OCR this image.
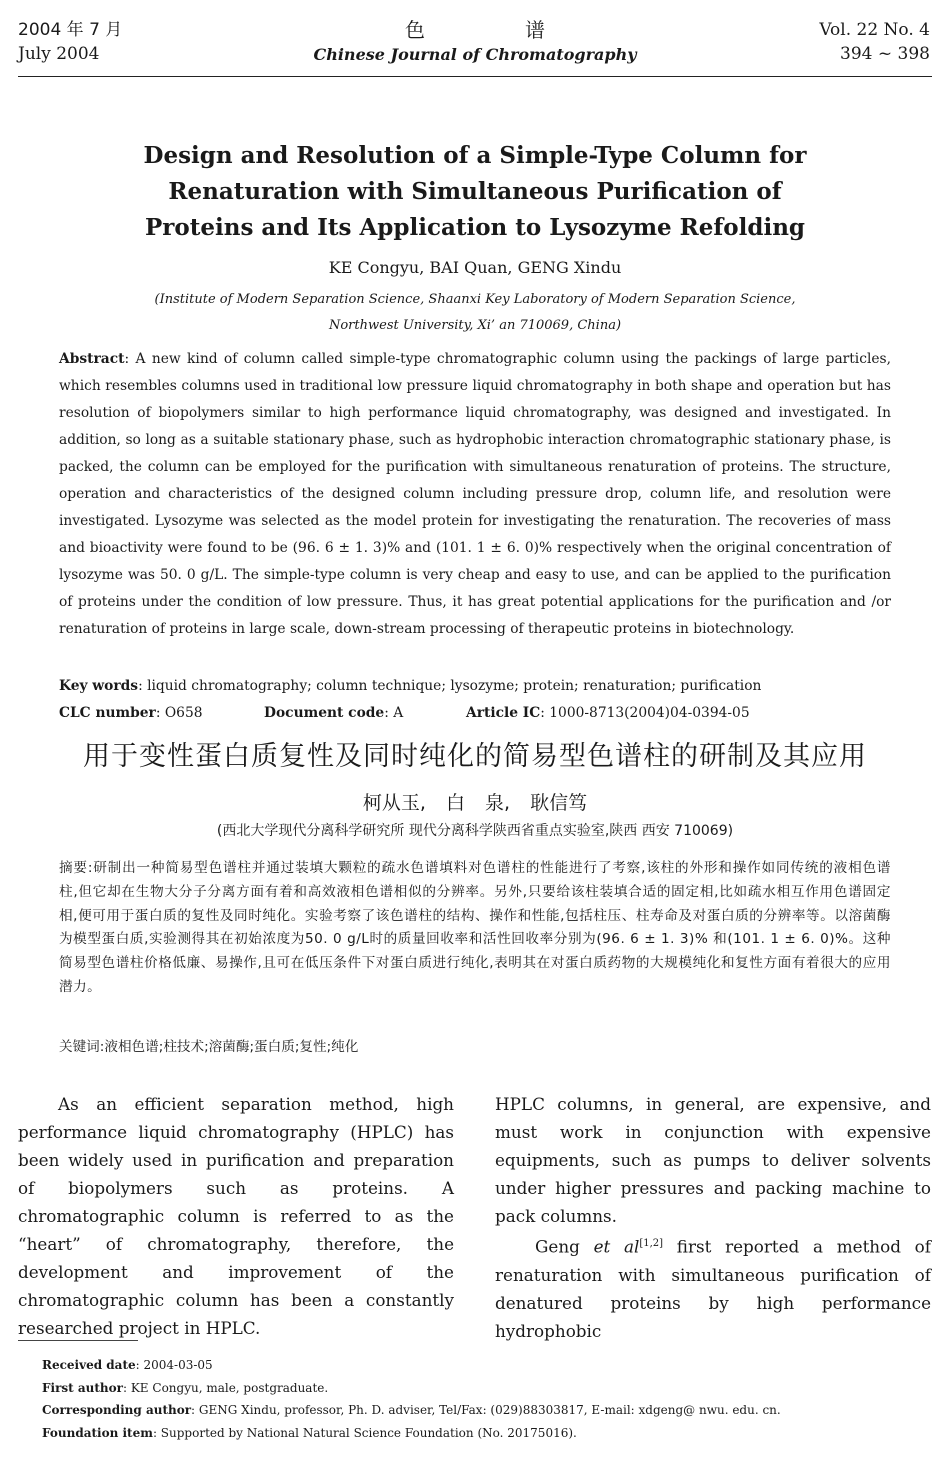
2004 年 7 月
July 2004
色谱
Chinese Journal of Chromatography
Vol. 22 No. 4
394 ~ 398
Design and Resolution of a Simple-Type Column for
Renaturation with Simultaneous Purification of
Proteins and Its Application to Lysozyme Refolding
KE Congyu, BAI Quan, GENG Xindu
(Institute of Modern Separation Science, Shaanxi Key Laboratory of Modern Separation Science,
Northwest University, Xi’ an 710069, China)
Abstract: A new kind of column called simple-type chromatographic column using the packings of large particles, which resembles columns used in traditional low pressure liquid chromatography in both shape and operation but has resolution of biopolymers similar to high performance liquid chromatography, was designed and investigated. In addition, so long as a suitable stationary phase, such as hydrophobic interaction chromatographic stationary phase, is packed, the column can be employed for the purification with simultaneous renaturation of proteins. The structure, operation and characteristics of the designed column including pressure drop, column life, and resolution were investigated. Lysozyme was selected as the model protein for investigating the renaturation. The recoveries of mass and bioactivity were found to be (96. 6 ± 1. 3)% and (101. 1 ± 6. 0)% respectively when the original concentration of lysozyme was 50. 0 g/L. The simple-type column is very cheap and easy to use, and can be applied to the purification of proteins under the condition of low pressure. Thus, it has great potential applications for the purification and /or renaturation of proteins in large scale, down-stream processing of therapeutic proteins in biotechnology.
Key words: liquid chromatography; column technique; lysozyme; protein; renaturation; purification
CLC number: O658	Document code: A	Article IC: 1000-8713(2004)04-0394-05
用于变性蛋白质复性及同时纯化的简易型色谱柱的研制及其应用
柯从玉, 白 泉, 耿信笃
(西北大学现代分离科学研究所 现代分离科学陕西省重点实验室,陕西 西安 710069)
摘要:研制出一种简易型色谱柱并通过装填大颗粒的疏水色谱填料对色谱柱的性能进行了考察,该柱的外形和操作如同传统的液相色谱柱,但它却在生物大分子分离方面有着和高效液相色谱相似的分辨率。另外,只要给该柱装填合适的固定相,比如疏水相互作用色谱固定相,便可用于蛋白质的复性及同时纯化。实验考察了该色谱柱的结构、操作和性能,包括柱压、柱寿命及对蛋白质的分辨率等。以溶菌酶为模型蛋白质,实验测得其在初始浓度为50. 0 g/L时的质量回收率和活性回收率分别为(96. 6 ± 1. 3)% 和(101. 1 ± 6. 0)%。这种简易型色谱柱价格低廉、易操作,且可在低压条件下对蛋白质进行纯化,表明其在对蛋白质药物的大规模纯化和复性方面有着很大的应用潜力。
关键词:液相色谱;柱技术;溶菌酶;蛋白质;复性;纯化
As an efficient separation method, high performance liquid chromatography (HPLC) has been widely used in purification and preparation of biopolymers such as proteins. A chromatographic column is referred to as the “heart” of chromatography, therefore, the development and improvement of the chromatographic column has been a constantly researched project in HPLC.
HPLC columns, in general, are expensive, and must work in conjunction with expensive equipments, such as pumps to deliver solvents under higher pressures and packing machine to pack columns.
Geng et al[1,2] first reported a method of renaturation with simultaneous purification of denatured proteins by high performance hydrophobic
Received date: 2004-03-05
First author: KE Congyu, male, postgraduate.
Corresponding author: GENG Xindu, professor, Ph. D. adviser, Tel/Fax: (029)88303817, E-mail: xdgeng@ nwu. edu. cn.
Foundation item: Supported by National Natural Science Foundation (No. 20175016).
